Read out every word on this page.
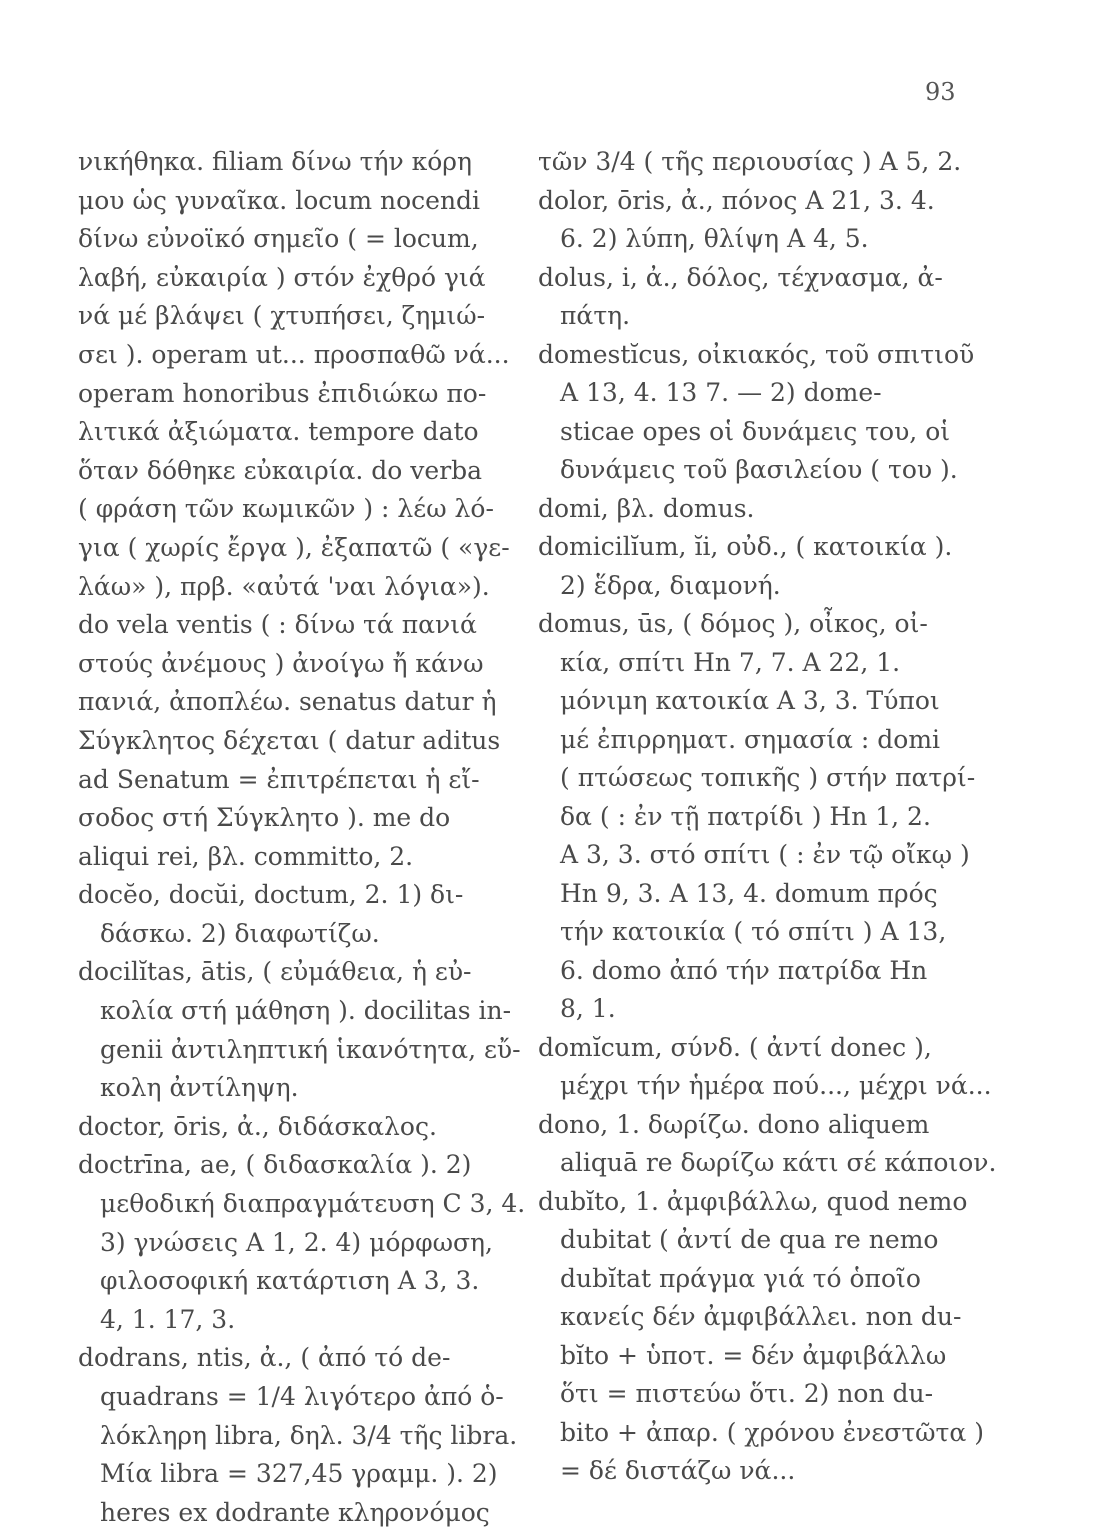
93
νικήθηκα. filiam δίνω τήν κόρη
μου ὡς γυναῖκα. locum nocendi
δίνω εὐνοϊκό σημεῖο ( = locum,
λαβή, εὐκαιρία ) στόν ἐχθρό γιά
νά μέ βλάψει ( χτυπήσει, ζημιώ-
σει ). operam ut... προσπαθῶ νά...
operam honoribus ἐπιδιώκω πο-
λιτικά ἀξιώματα. tempore dato
ὅταν δόθηκε εὐκαιρία. do verba
( φράση τῶν κωμικῶν ) : λέω λό-
για ( χωρίς ἔργα ), ἐξαπατῶ ( «γε-
λάω» ), πρβ. «αὐτά 'ναι λόγια»).
do vela ventis ( : δίνω τά πανιά
στούς ἀνέμους ) ἀνοίγω ἤ κάνω
πανιά, ἀποπλέω. senatus datur ἡ
Σύγκλητος δέχεται ( datur aditus
ad Senatum = ἐπιτρέπεται ἡ εἴ-
σοδος στή Σύγκλητο ). me do
aliqui rei, βλ. committo, 2.
docĕo, docŭi, doctum, 2. 1) δι-
δάσκω. 2) διαφωτίζω.
docilĭtas, ātis, ( εὐμάθεια, ἡ εὐ-
κολία στή μάθηση ). docilitas in-
genii ἀντιληπτική ἱκανότητα, εὔ-
κολη ἀντίληψη.
doctor, ōris, ἀ., διδάσκαλος.
doctrīna, ae, ( διδασκαλία ). 2)
μεθοδική διαπραγμάτευση C 3, 4.
3) γνώσεις A 1, 2. 4) μόρφωση,
φιλοσοφική κατάρτιση A 3, 3.
4, 1. 17, 3.
dodrans, ntis, ἀ., ( ἀπό τό de-
quadrans = 1/4 λιγότερο ἀπό ὁ-
λόκληρη libra, δηλ. 3/4 τῆς libra.
Μία libra = 327,45 γραμμ. ). 2)
heres ex dodrante κληρονόμος
τῶν 3/4 ( τῆς περιουσίας ) A 5, 2.
dolor, ōris, ἀ., πόνος A 21, 3. 4.
6. 2) λύπη, θλίψη A 4, 5.
dolus, i, ἀ., δόλος, τέχνασμα, ἀ-
πάτη.
domestĭcus, οἰκιακός, τοῦ σπιτιοῦ
A 13, 4. 13 7. — 2) dome-
sticae opes οἱ δυνάμεις του, οἱ
δυνάμεις τοῦ βασιλείου ( του ).
domi, βλ. domus.
domicilĭum, ĭi, οὐδ., ( κατοικία ).
2) ἕδρα, διαμονή.
domus, ūs, ( δόμος ), οἶκος, οἰ-
κία, σπίτι Hn 7, 7. A 22, 1.
μόνιμη κατοικία A 3, 3. Τύποι
μέ ἐπιρρηματ. σημασία : domi
( πτώσεως τοπικῆς ) στήν πατρί-
δα ( : ἐν τῇ πατρίδι ) Hn 1, 2.
A 3, 3. στό σπίτι ( : ἐν τῷ οἴκῳ )
Hn 9, 3. A 13, 4. domum πρός
τήν κατοικία ( τό σπίτι ) A 13,
6. domo ἀπό τήν πατρίδα Hn
8, 1.
domĭcum, σύνδ. ( ἀντί donec ),
μέχρι τήν ἡμέρα πού..., μέχρι νά...
dono, 1. δωρίζω. dono aliquem
aliquā re δωρίζω κάτι σέ κάποιον.
dubĭto, 1. ἀμφιβάλλω, quod nemo
dubitat ( ἀντί de qua re nemo
dubĭtat πράγμα γιά τό ὁποῖο
κανείς δέν ἀμφιβάλλει. non du-
bĭto + ὑποτ. = δέν ἀμφιβάλλω
ὅτι = πιστεύω ὅτι. 2) non du-
bito + ἀπαρ. ( χρόνου ἐνεστῶτα )
= δέ διστάζω νά...
